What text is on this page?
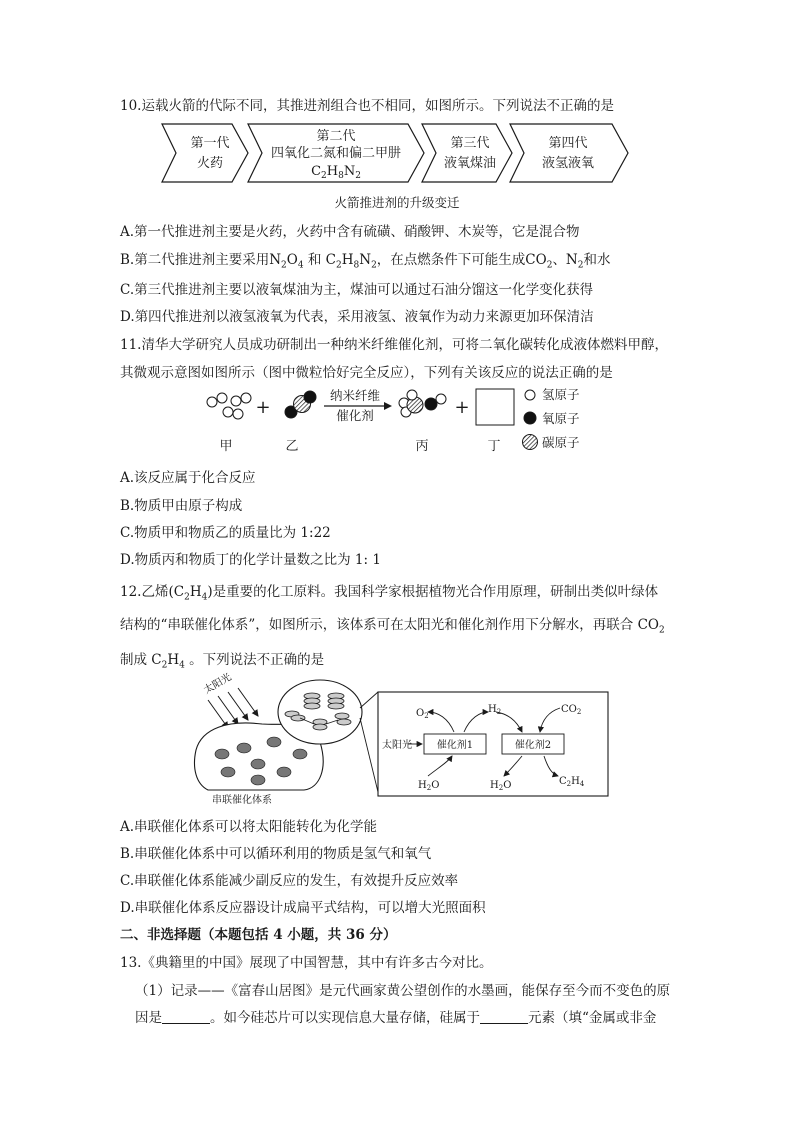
10.运载火箭的代际不同，其推进剂组合也不相同，如图所示。下列说法不正确的是
第一代
火药
第二代
四氧化二氮和偏二甲肼
$C_2H_8N_2$
第三代
液氧煤油
第四代
液氢液氧
火箭推进剂的升级变迁
A.第一代推进剂主要是火药，火药中含有硫磺、硝酸钾、木炭等，它是混合物
B.第二代推进剂主要采用$N_2O_4$ 和 $C_2H_8N_2$，在点燃条件下可能生成$CO_2$、$N_2$和水
C.第三代推进剂主要以液氧煤油为主，煤油可以通过石油分馏这一化学变化获得
D.第四代推进剂以液氢液氧为代表，采用液氢、液氧作为动力来源更加环保清洁
11.清华大学研究人员成功研制出一种纳米纤维催化剂，可将二氧化碳转化成液体燃料甲醇，
其微观示意图如图所示（图中微粒恰好完全反应），下列有关该反应的说法正确的是
+	+
纳米纤维
催化剂
氢原子
氧原子
碳原子
甲	乙	丙	丁
A.该反应属于化合反应
B.物质甲由原子构成
C.物质甲和物质乙的质量比为 1:22
D.物质丙和物质丁的化学计量数之比为 1: 1
12.乙烯$(C_2H_4)$是重要的化工原料。我国科学家根据植物光合作用原理，研制出类似叶绿体
结构的“串联催化体系”，如图所示，该体系可在太阳光和催化剂作用下分解水，再联合 $CO_2$
制成 $C_2H_4$ 。下列说法不正确的是
太阳光
串联催化体系
催化剂1	催化剂2
太阳光
$O_2$
$H_2$	$CO_2$
$H_2O$	$H_2O$	$C_2H_4$
A.串联催化体系可以将太阳能转化为化学能
B.串联催化体系中可以循环利用的物质是氢气和氧气
C.串联催化体系能减少副反应的发生，有效提升反应效率
D.串联催化体系反应器设计成扁平式结构，可以增大光照面积
二、非选择题（本题包括 4 小题，共 36 分）
13.《典籍里的中国》展现了中国智慧，其中有许多古今对比。
（1）记录——《富春山居图》是元代画家黄公望创作的水墨画，能保存至今而不变色的原
因是	。如今硅芯片可以实现信息大量存储，硅属于	元素（填“金属或非金
